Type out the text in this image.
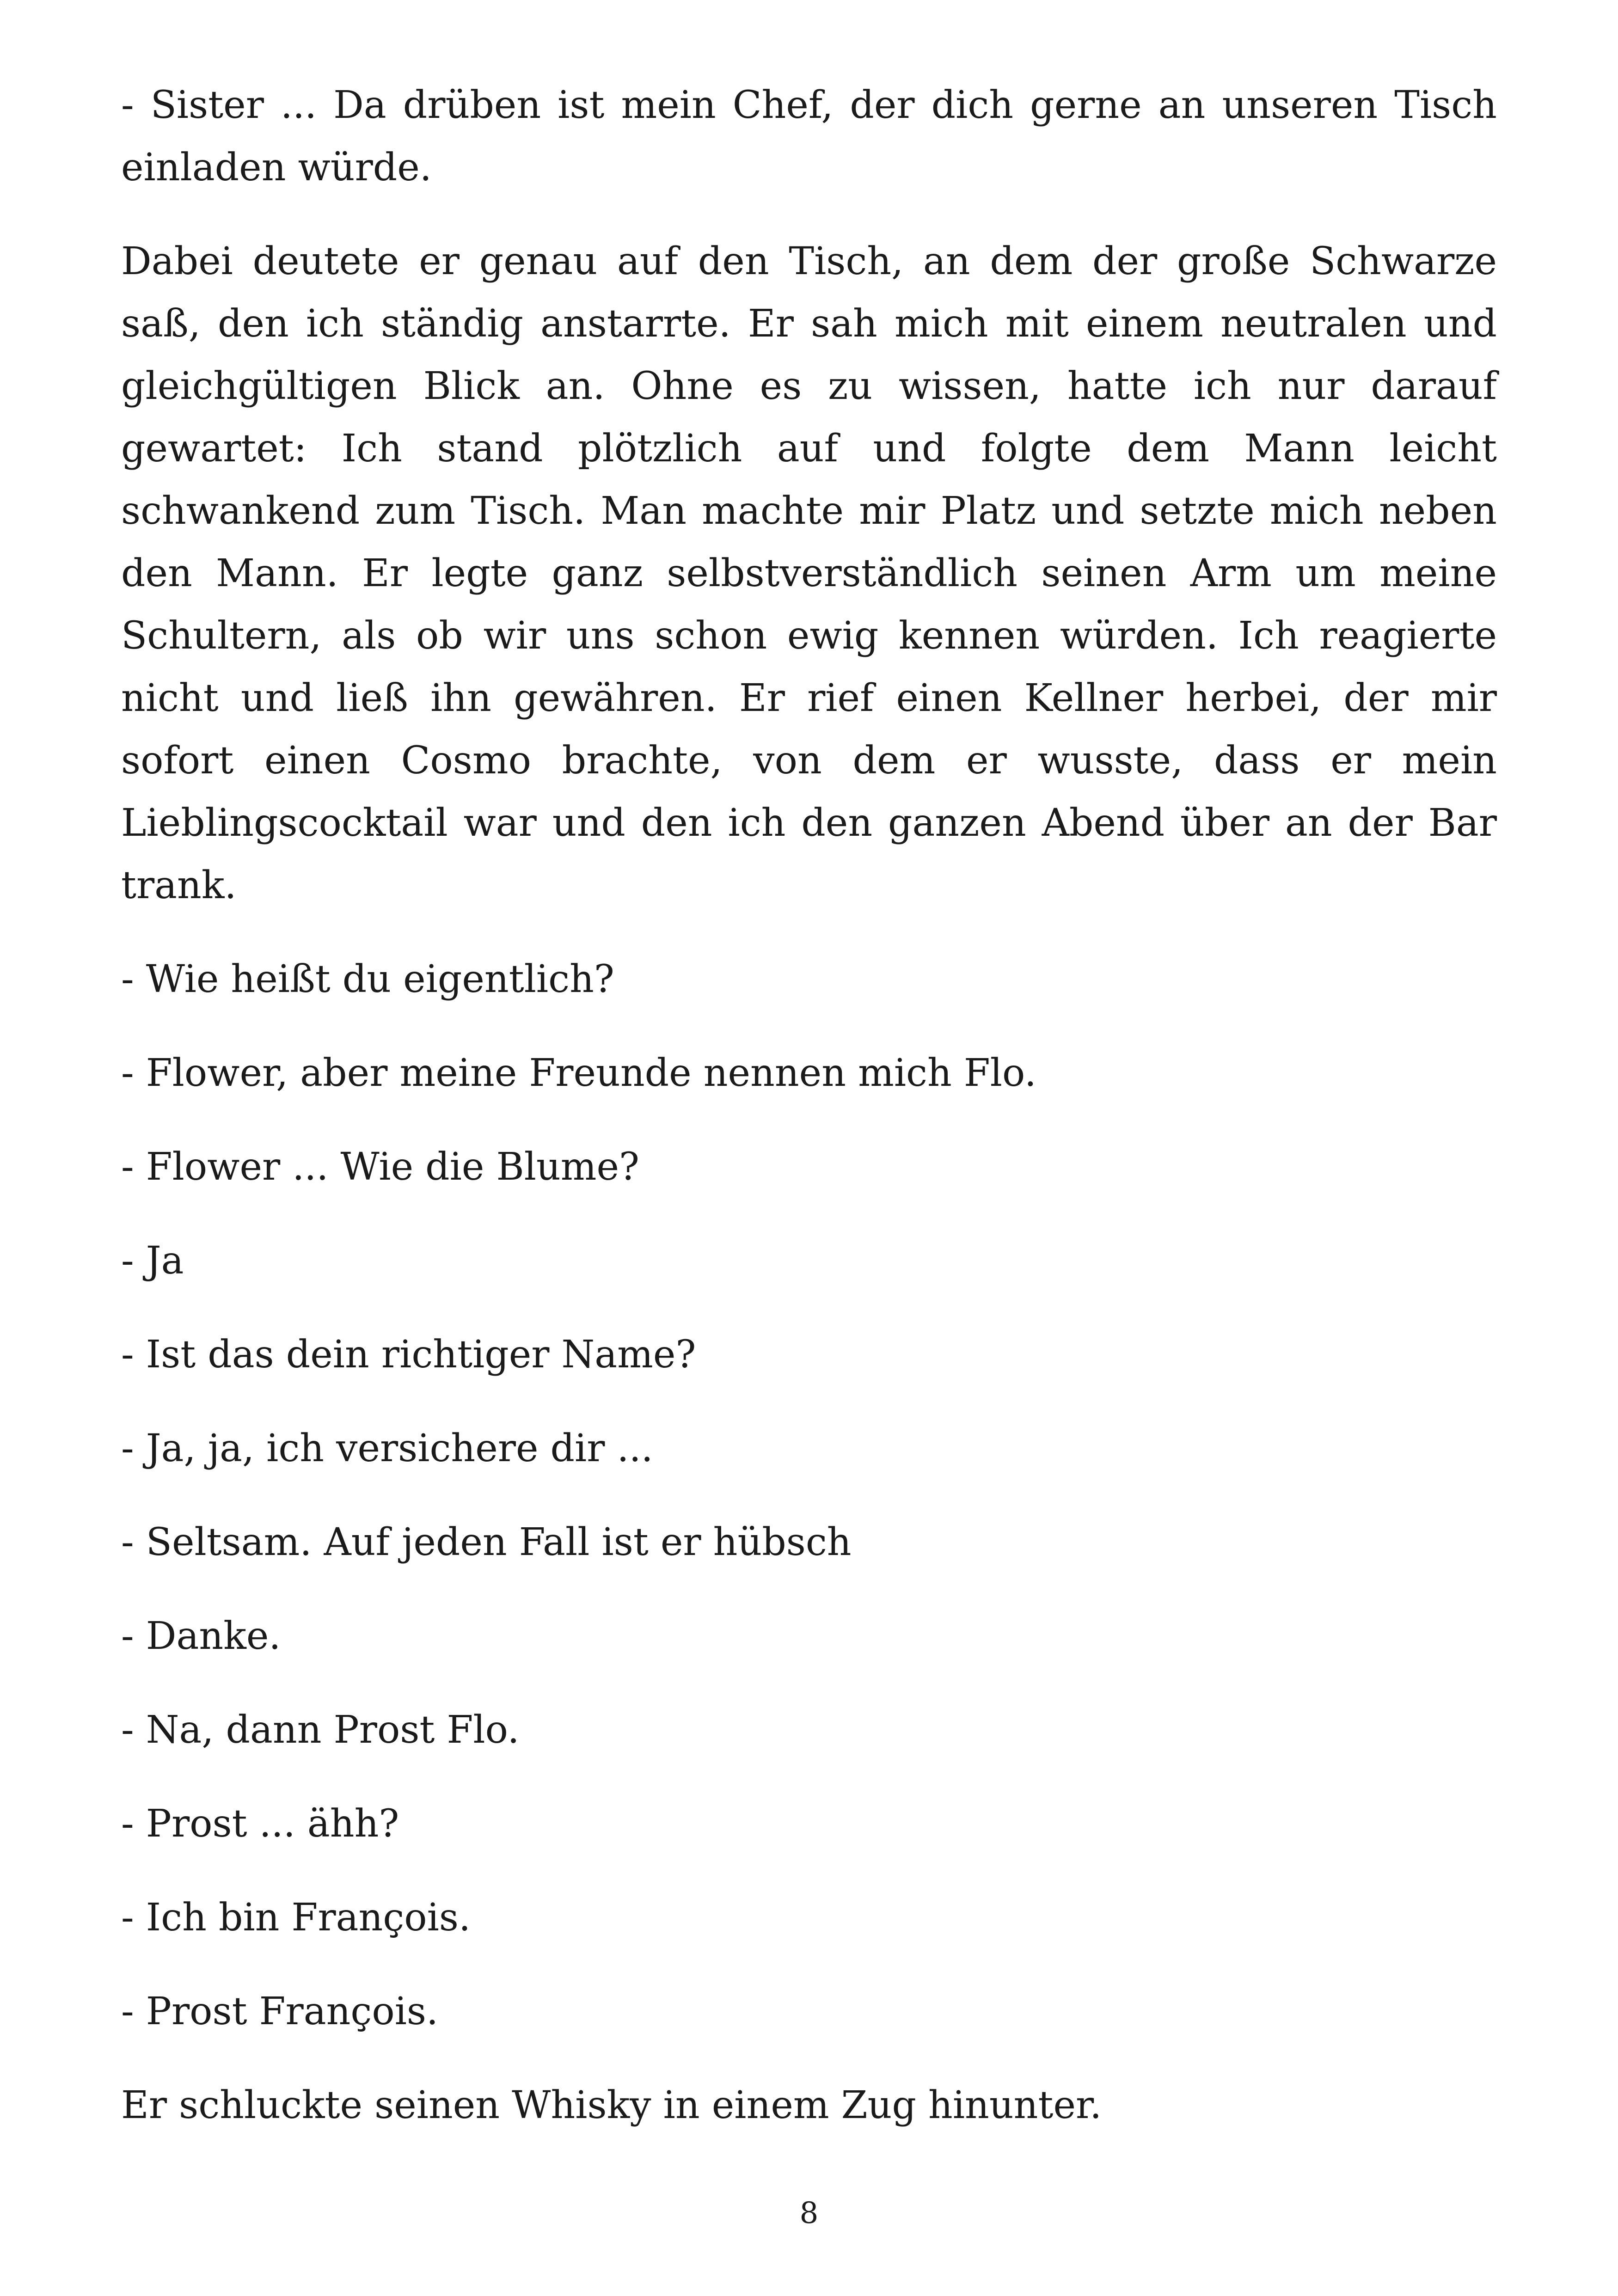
- Sister ... Da drüben ist mein Chef, der dich gerne an unseren Tisch einladen würde.

Dabei deutete er genau auf den Tisch, an dem der große Schwarze saß, den ich ständig anstarrte. Er sah mich mit einem neutralen und gleichgültigen Blick an. Ohne es zu wissen, hatte ich nur darauf gewartet: Ich stand plötzlich auf und folgte dem Mann leicht schwankend zum Tisch. Man machte mir Platz und setzte mich neben den Mann. Er legte ganz selbstverständlich seinen Arm um meine Schultern, als ob wir uns schon ewig kennen würden. Ich reagierte nicht und ließ ihn gewähren. Er rief einen Kellner herbei, der mir sofort einen Cosmo brachte, von dem er wusste, dass er mein Lieblingscocktail war und den ich den ganzen Abend über an der Bar trank.

- Wie heißt du eigentlich?

- Flower, aber meine Freunde nennen mich Flo.

- Flower ... Wie die Blume?

- Ja

- Ist das dein richtiger Name?

- Ja, ja, ich versichere dir ...

- Seltsam. Auf jeden Fall ist er hübsch

- Danke.

- Na, dann Prost Flo.

- Prost ... ähh?

- Ich bin François.

- Prost François.

Er schluckte seinen Whisky in einem Zug hinunter.

8
